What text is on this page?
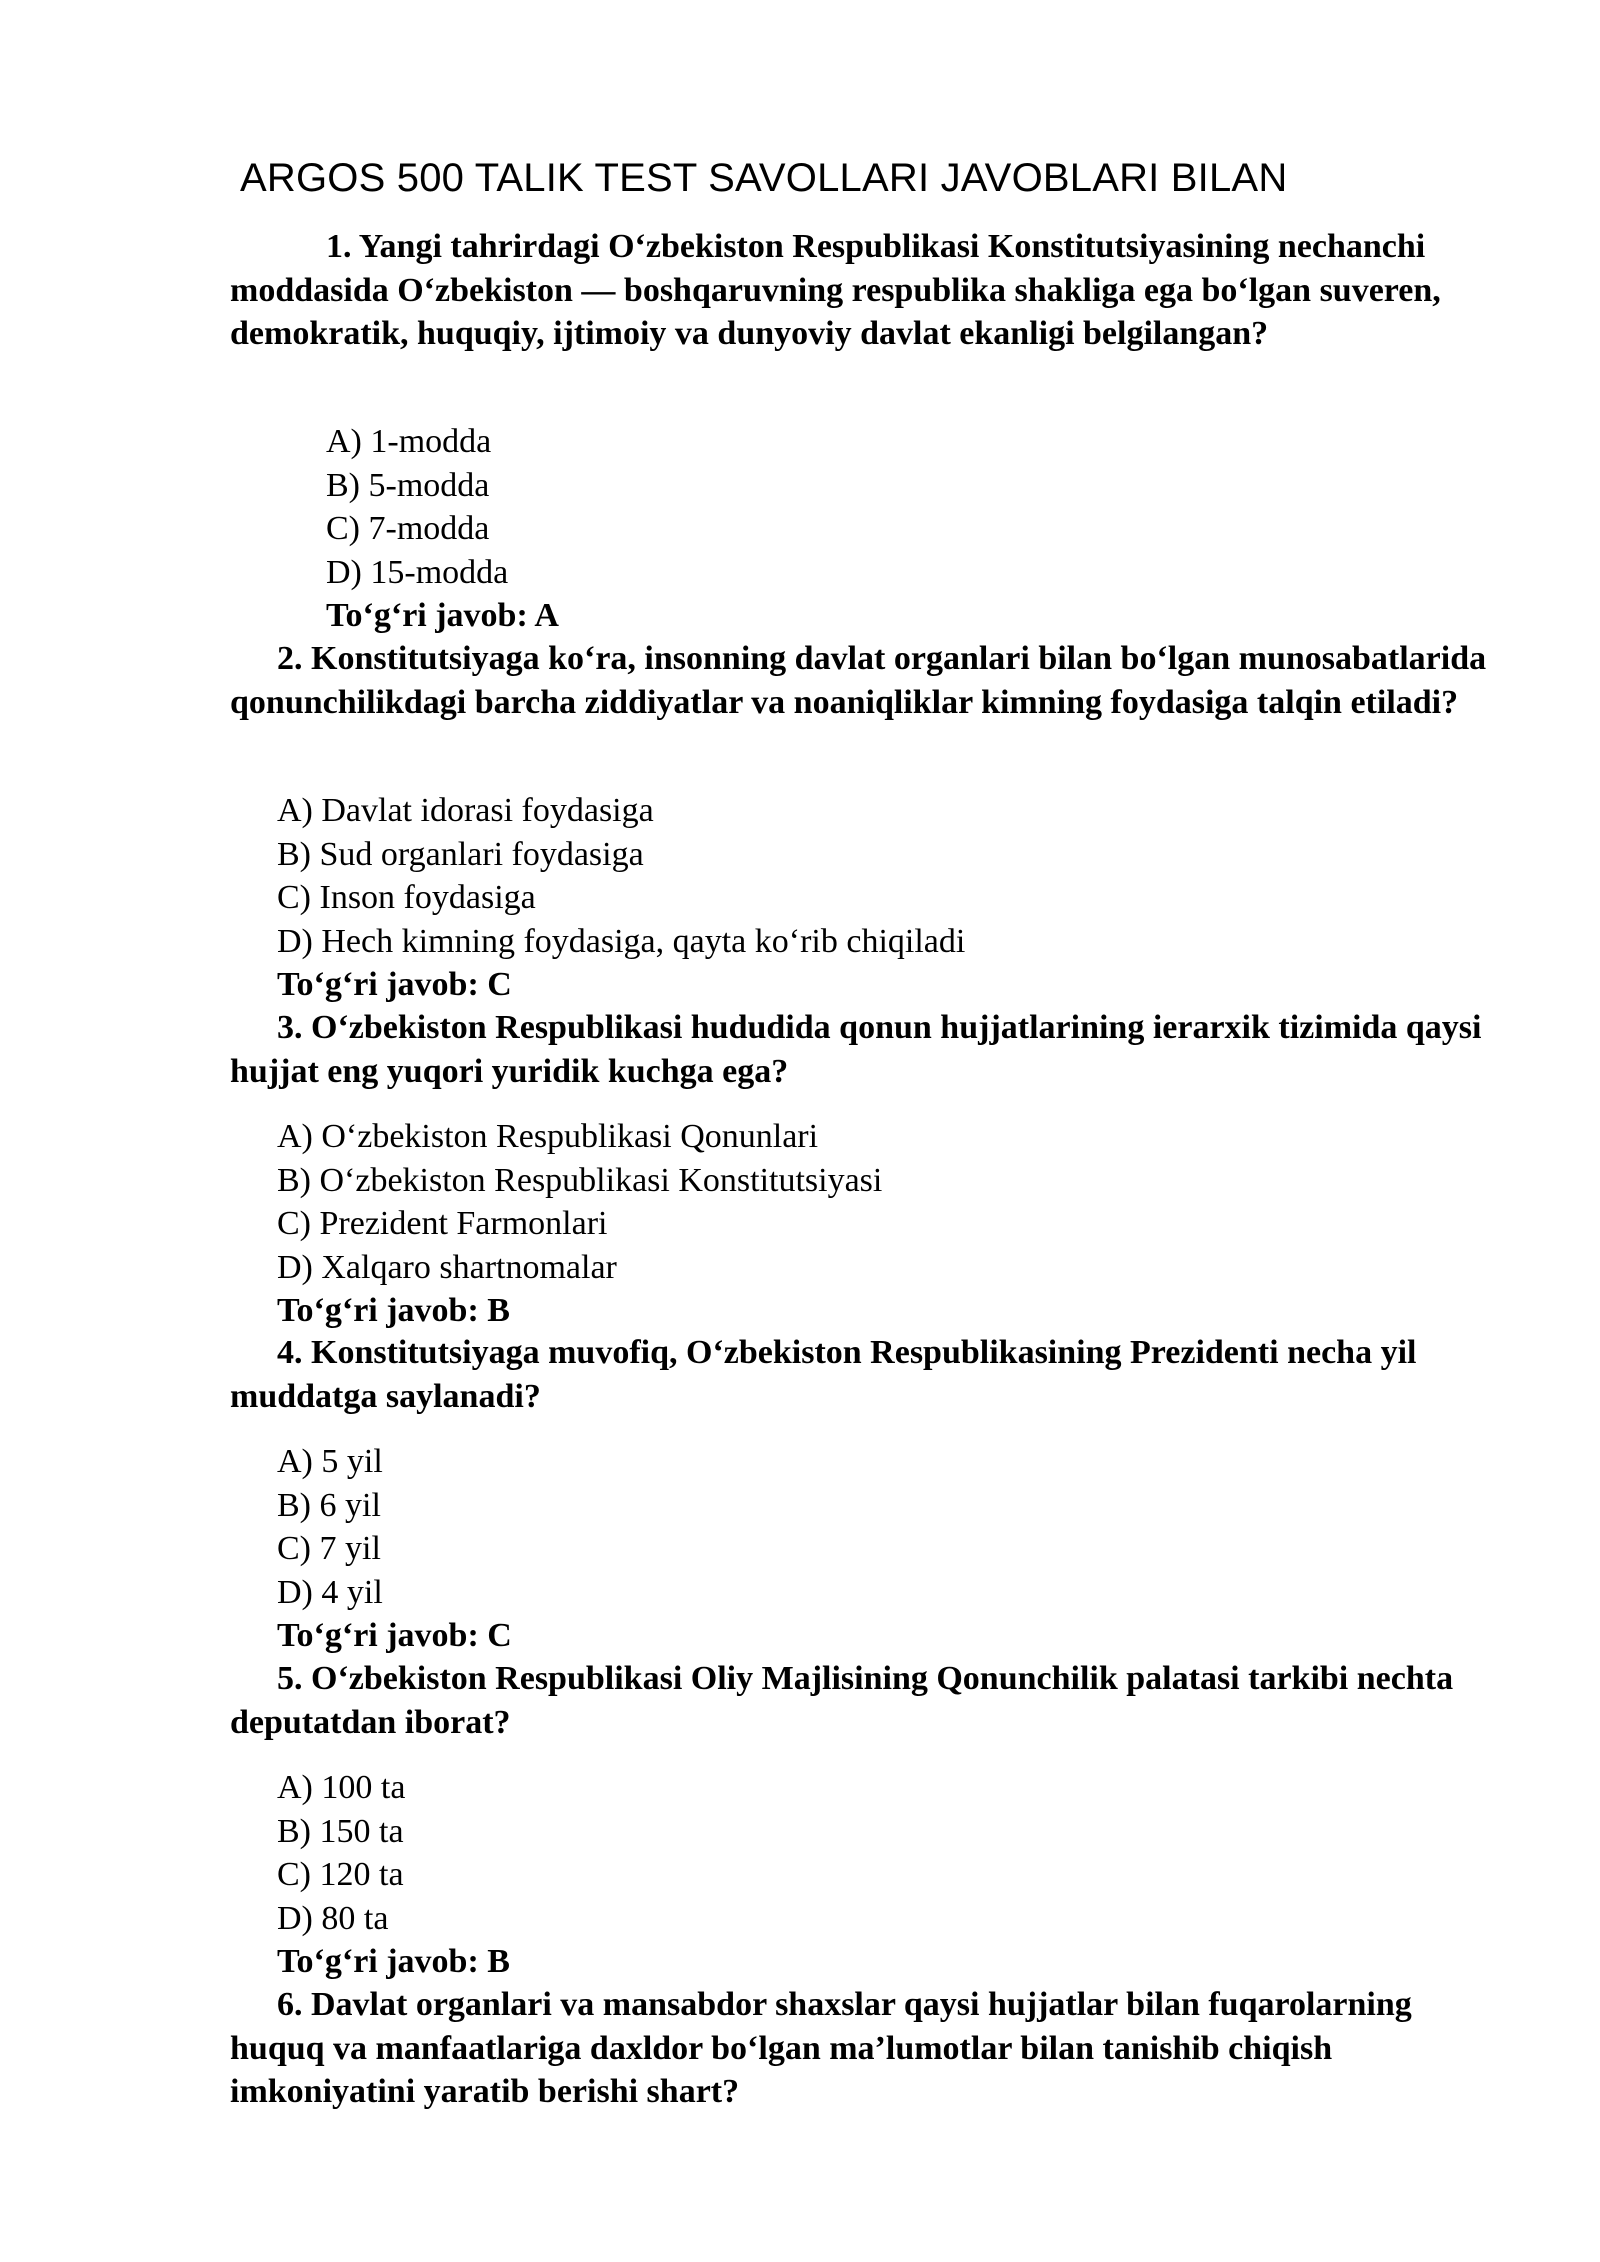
ARGOS 500 TALIK TEST SAVOLLARI JAVOBLARI BILAN
1. Yangi tahrirdagi O‘zbekiston Respublikasi Konstitutsiyasining nechanchi moddasida O‘zbekiston — boshqaruvning respublika shakliga ega bo‘lgan suveren, demokratik, huquqiy, ijtimoiy va dunyoviy davlat ekanligi belgilangan?
A) 1-modda
B) 5-modda
C) 7-modda
D) 15-modda
To‘g‘ri javob: A
2. Konstitutsiyaga ko‘ra, insonning davlat organlari bilan bo‘lgan munosabatlarida qonunchilikdagi barcha ziddiyatlar va noaniqliklar kimning foydasiga talqin etiladi?
A) Davlat idorasi foydasiga
B) Sud organlari foydasiga
C) Inson foydasiga
D) Hech kimning foydasiga, qayta ko‘rib chiqiladi
To‘g‘ri javob: C
3. O‘zbekiston Respublikasi hududida qonun hujjatlarining ierarxik tizimida qaysi hujjat eng yuqori yuridik kuchga ega?
A) O‘zbekiston Respublikasi Qonunlari
B) O‘zbekiston Respublikasi Konstitutsiyasi
C) Prezident Farmonlari
D) Xalqaro shartnomalar
To‘g‘ri javob: B
4. Konstitutsiyaga muvofiq, O‘zbekiston Respublikasining Prezidenti necha yil muddatga saylanadi?
A) 5 yil
B) 6 yil
C) 7 yil
D) 4 yil
To‘g‘ri javob: C
5. O‘zbekiston Respublikasi Oliy Majlisining Qonunchilik palatasi tarkibi nechta deputatdan iborat?
A) 100 ta
B) 150 ta
C) 120 ta
D) 80 ta
To‘g‘ri javob: B
6. Davlat organlari va mansabdor shaxslar qaysi hujjatlar bilan fuqarolarning huquq va manfaatlariga daxldor bo‘lgan ma’lumotlar bilan tanishib chiqish imkoniyatini yaratib berishi shart?
